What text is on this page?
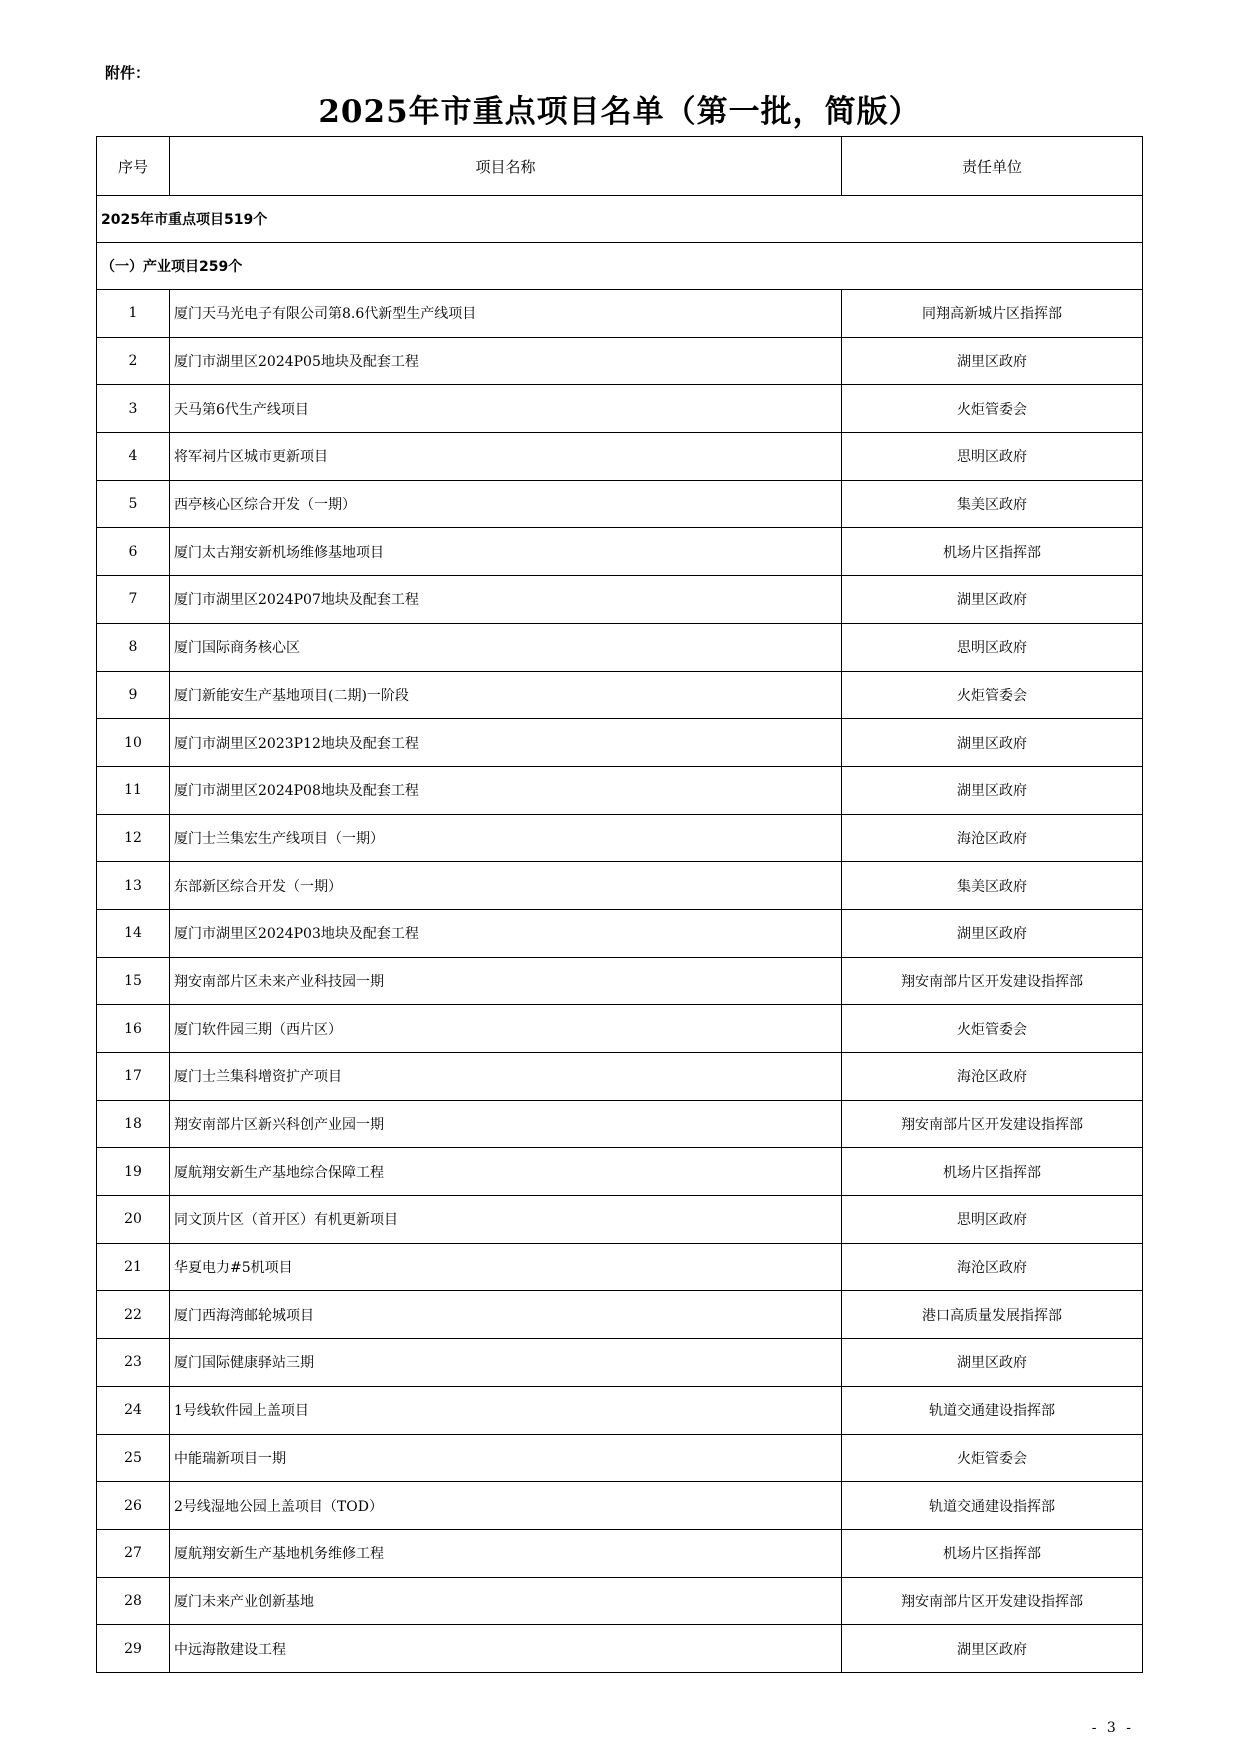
附件：
2025年市重点项目名单（第一批，简版）
序号	项目名称	责任单位
2025年市重点项目519个		
（一）产业项目259个		
1	厦门天马光电子有限公司第8.6代新型生产线项目	同翔高新城片区指挥部
2	厦门市湖里区2024P05地块及配套工程	湖里区政府
3	天马第6代生产线项目	火炬管委会
4	将军祠片区城市更新项目	思明区政府
5	西亭核心区综合开发（一期）	集美区政府
6	厦门太古翔安新机场维修基地项目	机场片区指挥部
7	厦门市湖里区2024P07地块及配套工程	湖里区政府
8	厦门国际商务核心区	思明区政府
9	厦门新能安生产基地项目(二期)一阶段	火炬管委会
10	厦门市湖里区2023P12地块及配套工程	湖里区政府
11	厦门市湖里区2024P08地块及配套工程	湖里区政府
12	厦门士兰集宏生产线项目（一期）	海沧区政府
13	东部新区综合开发（一期）	集美区政府
14	厦门市湖里区2024P03地块及配套工程	湖里区政府
15	翔安南部片区未来产业科技园一期	翔安南部片区开发建设指挥部
16	厦门软件园三期（西片区）	火炬管委会
17	厦门士兰集科增资扩产项目	海沧区政府
18	翔安南部片区新兴科创产业园一期	翔安南部片区开发建设指挥部
19	厦航翔安新生产基地综合保障工程	机场片区指挥部
20	同文顶片区（首开区）有机更新项目	思明区政府
21	华夏电力#5机项目	海沧区政府
22	厦门西海湾邮轮城项目	港口高质量发展指挥部
23	厦门国际健康驿站三期	湖里区政府
24	1号线软件园上盖项目	轨道交通建设指挥部
25	中能瑞新项目一期	火炬管委会
26	2号线湿地公园上盖项目（TOD）	轨道交通建设指挥部
27	厦航翔安新生产基地机务维修工程	机场片区指挥部
28	厦门未来产业创新基地	翔安南部片区开发建设指挥部
29	中远海散建设工程	湖里区政府
- 3 -
